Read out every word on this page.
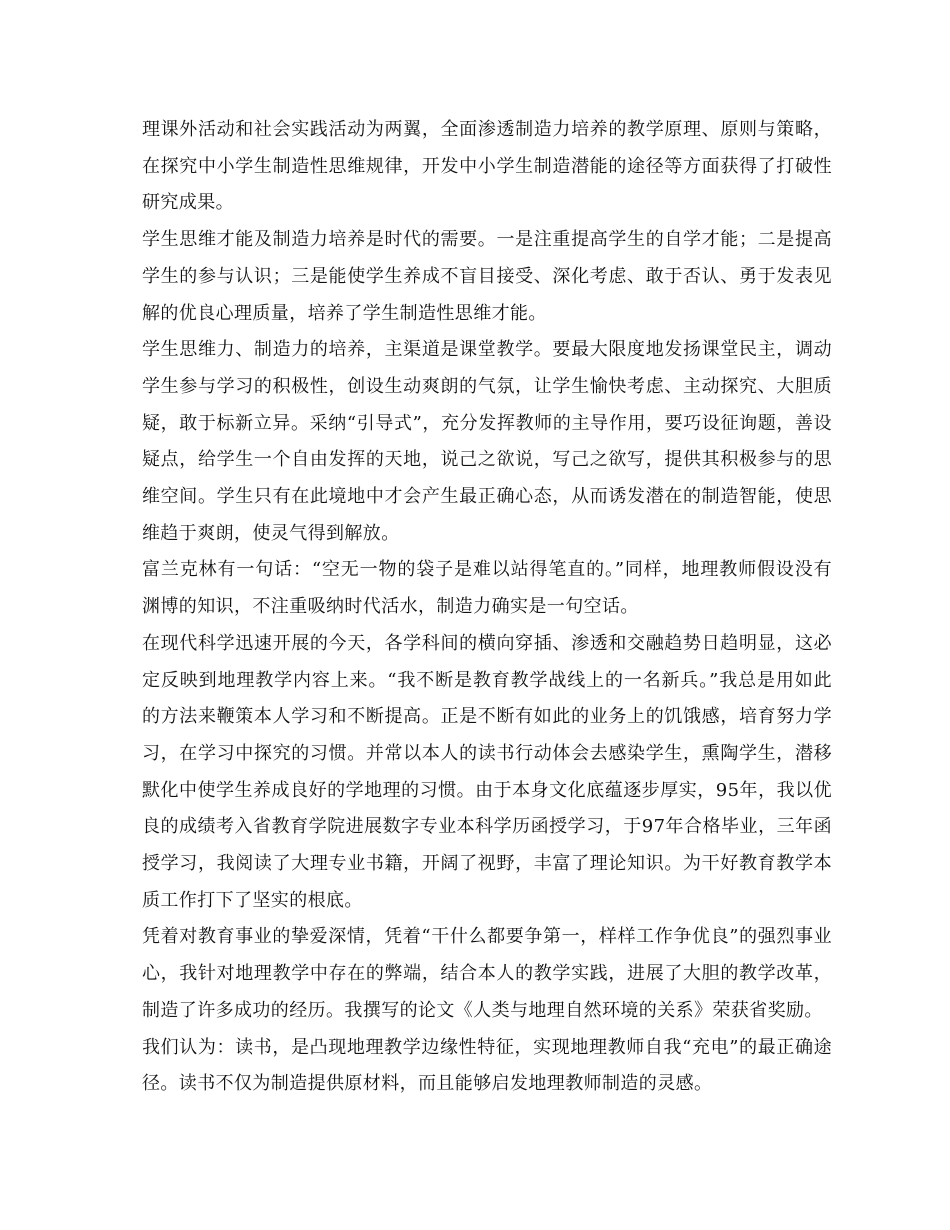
理课外活动和社会实践活动为两翼，全面渗透制造力培养的教学原理、原则与策略，在探究中小学生制造性思维规律，开发中小学生制造潜能的途径等方面获得了打破性研究成果。

学生思维才能及制造力培养是时代的需要。一是注重提高学生的自学才能；二是提高学生的参与认识；三是能使学生养成不盲目接受、深化考虑、敢于否认、勇于发表见解的优良心理质量，培养了学生制造性思维才能。

学生思维力、制造力的培养，主渠道是课堂教学。要最大限度地发扬课堂民主，调动学生参与学习的积极性，创设生动爽朗的气氛，让学生愉快考虑、主动探究、大胆质疑，敢于标新立异。采纳“引导式”，充分发挥教师的主导作用，要巧设征询题，善设疑点，给学生一个自由发挥的天地，说己之欲说，写己之欲写，提供其积极参与的思维空间。学生只有在此境地中才会产生最正确心态，从而诱发潜在的制造智能，使思维趋于爽朗，使灵气得到解放。

富兰克林有一句话：“空无一物的袋子是难以站得笔直的。”同样，地理教师假设没有渊博的知识，不注重吸纳时代活水，制造力确实是一句空话。

在现代科学迅速开展的今天，各学科间的横向穿插、渗透和交融趋势日趋明显，这必定反映到地理教学内容上来。“我不断是教育教学战线上的一名新兵。”我总是用如此的方法来鞭策本人学习和不断提高。正是不断有如此的业务上的饥饿感，培育努力学习，在学习中探究的习惯。并常以本人的读书行动体会去感染学生，熏陶学生，潜移默化中使学生养成良好的学地理的习惯。由于本身文化底蕴逐步厚实，95年，我以优良的成绩考入省教育学院进展数字专业本科学历函授学习，于97年合格毕业，三年函授学习，我阅读了大理专业书籍，开阔了视野，丰富了理论知识。为干好教育教学本质工作打下了坚实的根底。

凭着对教育事业的挚爱深情，凭着“干什么都要争第一，样样工作争优良”的强烈事业心，我针对地理教学中存在的弊端，结合本人的教学实践，进展了大胆的教学改革，制造了许多成功的经历。我撰写的论文《人类与地理自然环境的关系》荣获省奖励。

我们认为：读书，是凸现地理教学边缘性特征，实现地理教师自我“充电”的最正确途径。读书不仅为制造提供原材料，而且能够启发地理教师制造的灵感。
